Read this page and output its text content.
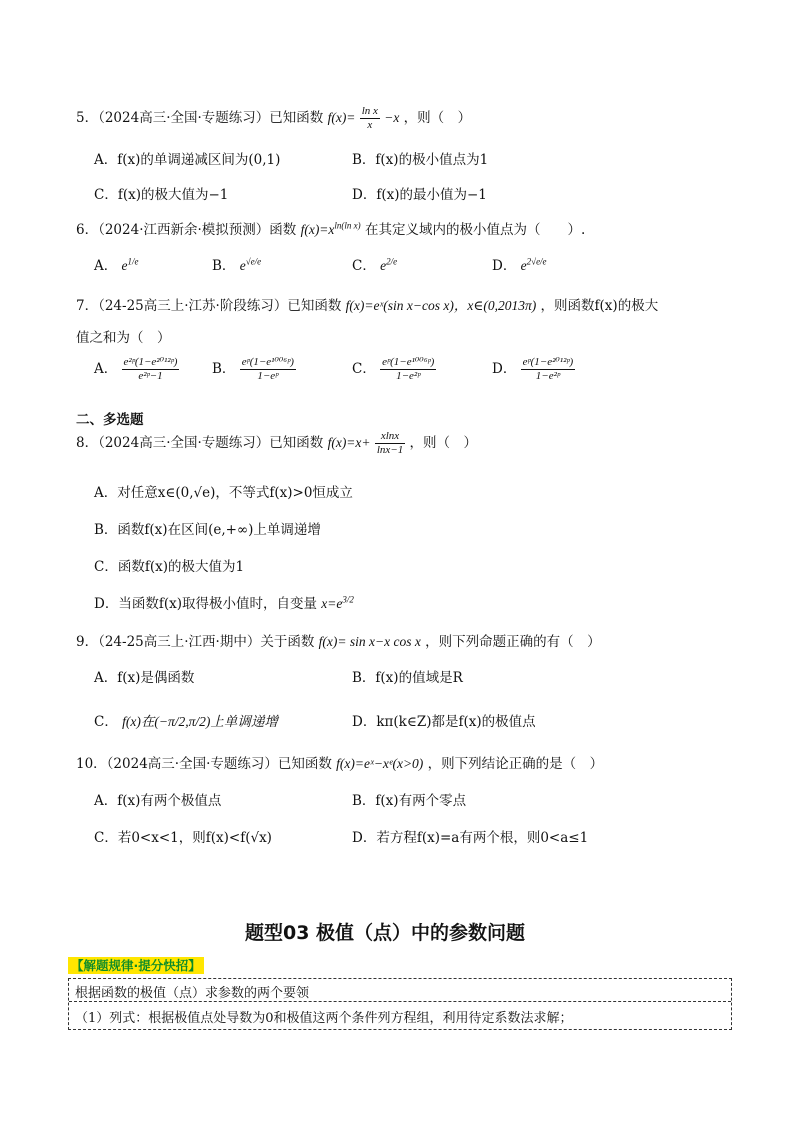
5．（2024高三·全国·专题练习）已知函数 $f(x)= \frac{\text{ln x}}{x} -x$ ，则（　）
A．f(x)的单调递减区间为(0,1)	B．f(x)的极小值点为1
C．f(x)的极大值为−1	D．f(x)的最小值为−1
6．（2024·江西新余·模拟预测）函数 $f(x)=x^{ln(ln x)}$ 在其定义域内的极小值点为（　　）.
A． $e^{1/e}$	B． $e^{√e/e}$	C． $e^{2/e}$	D． $e^{2√e/e}$
7．（24-25高三上·江苏·阶段练习）已知函数 f(x)=eˣ(sin x−cos x)，x∈(0,2013π) ，则函数f(x)的极大
值之和为（　）
A． $\frac{\text{e²ᵖ(1−e²⁰¹²ᵖ)}}{\text{e²ᵖ−1}}$ B． $\frac{\text{eᵖ(1−e¹⁰⁰⁶ᵖ)}}{\text{1−eᵖ}}$	C． $\frac{\text{eᵖ(1−e¹⁰⁰⁶ᵖ)}}{\text{1−e²ᵖ}}$	D． $\frac{\text{eᵖ(1−e²⁰¹²ᵖ)}}{\text{1−e²ᵖ}}$
二、多选题
8．（2024高三·全国·专题练习）已知函数 $f(x)=x+ \frac{xlnx}{\ln x-1}$ ，则（　）
A．对任意x∈(0,√e)，不等式f(x)>0恒成立
B．函数f(x)在区间(e,+∞)上单调递增
C．函数f(x)的极大值为1
D．当函数f(x)取得极小值时，自变量 $x=e^{3/2}$
9．（24-25高三上·江西·期中）关于函数 f(x)= sin x−x cos x ，则下列命题正确的有（　）
A．f(x)是偶函数	B．f(x)的值域是R
C． f(x)在(−π/2,π/2)上单调递增	D．kπ(k∈Z)都是f(x)的极值点
10．（2024高三·全国·专题练习）已知函数 f(x)=eˣ−xᵉ(x>0) ，则下列结论正确的是（　）
A．f(x)有两个极值点	B．f(x)有两个零点
C．若0<x<1，则f(x)<f(√x)	D．若方程f(x)=a有两个根，则0<a≤1
题型03 极值（点）中的参数问题
【解题规律·提分快招】
根据函数的极值（点）求参数的两个要领
（1）列式：根据极值点处导数为0和极值这两个条件列方程组，利用待定系数法求解；
